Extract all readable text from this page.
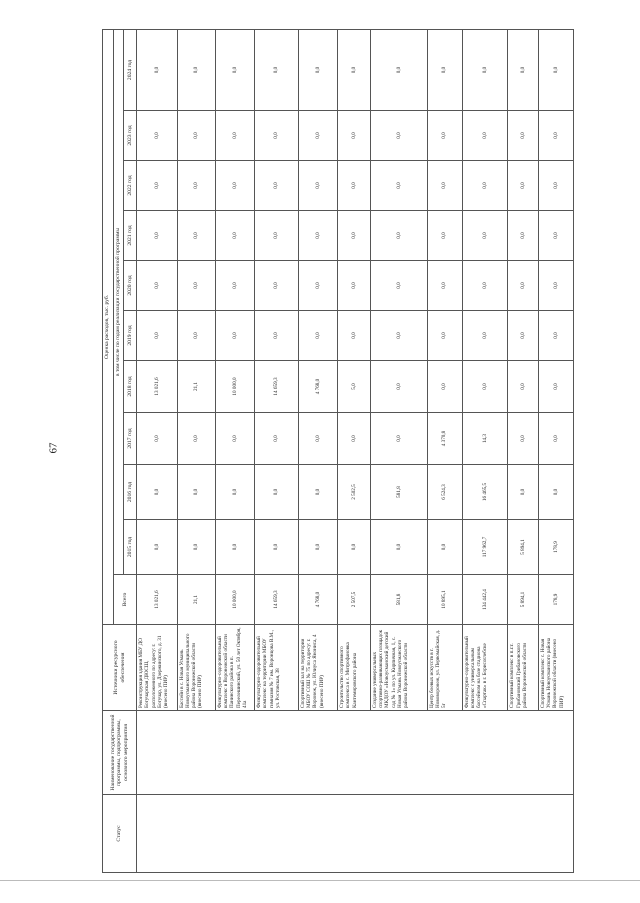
67
Статус	Наименование государственной программы, подпрограммы, основного мероприятия	Источники ресурсного обеспечения	Оценка расходов, тыс. руб.										
			Всего	в том числе по годам реализации государственной программы									
				2015 год	2016 год	2017 год	2018 год	2019 год	2020 год	2021 год	2022 год	2023 год	2024 год
		Реконструкция здания МБУ ДО Богучарская ДЮСШ, расположенного по адресу: г. Богучар, ул. Дзержинского, д. 31 (внесено ПИР)	13 021,6	0,0	0,0	0,0	13 021,6	0,0	0,0	0,0	0,0	0,0	0,0
		Бассейн в с. Новая Усмань Новоусманского муниципального района Воронежской области (внесено ПИР)	21,1	0,0	0,0	0,0	21,1	0,0	0,0	0,0	0,0	0,0	0,0
		Физкультурно-оздоровительный комплекс в Воронежской области Панинского района в п. Перелешинский, ул. 50 лет Октября, 41а	10 000,0	0,0	0,0	0,0	10 000,0	0,0	0,0	0,0	0,0	0,0	0,0
		Физкультурно-оздоровительный комплекс на территории МБОУ гимназия № 7 им. Воронцова В.М., ул. Ростовская, 38	14 659,3	0,0	0,0	0,0	14 659,3	0,0	0,0	0,0	0,0	0,0	0,0
		Спортивный зал на территории МБОУ СОШ № 75 по адресу: г. Воронеж, ул. Юлиуса Янониса, 4 (внесено ПИР)	4 768,0	0,0	0,0	0,0	4 768,0	0,0	0,0	0,0	0,0	0,0	0,0
		Строительство спортивного комплекса в с. Митрофановка Кантемировского района	2 507,5	0,0	2 502,5	0,0	5,0	0,0	0,0	0,0	0,0	0,0	0,0
		Создание универсальных спортивно-развивающих площадок МКДОУ «Новоусманский детский сад № 1» по ул. Кирпичная, 1, с. Новая Усмань Новоусманского района Воронежской области	581,8	0,0	581,8	0,0	0,0	0,0	0,0	0,0	0,0	0,0	0,0
		Центр боевых искусств в г. Нововоронеж, ул. Первомайская, д. 5г	10 895,1	0,0	6 524,3	4 370,8	0,0	0,0	0,0	0,0	0,0	0,0	0,0
		Физкультурно-оздоровительный комплекс с универсальным бассейном на базе стадиона «Спартак» в г. Борисоглебске	134 442,4	117 962,7	16 465,5	14,3	0,0	0,0	0,0	0,0	0,0	0,0	0,0
		Спортивный комплекс в п.г.т. Грибановский Грибановского района Воронежской области	5 894,1	5 894,1	0,0	0,0	0,0	0,0	0,0	0,0	0,0	0,0	0,0
		Спортивный комплекс с. Новая Усмань Новоусманского района Воронежской области (внесено ПИР)	178,9	178,9	0,0	0,0	0,0	0,0	0,0	0,0	0,0	0,0	0,0
